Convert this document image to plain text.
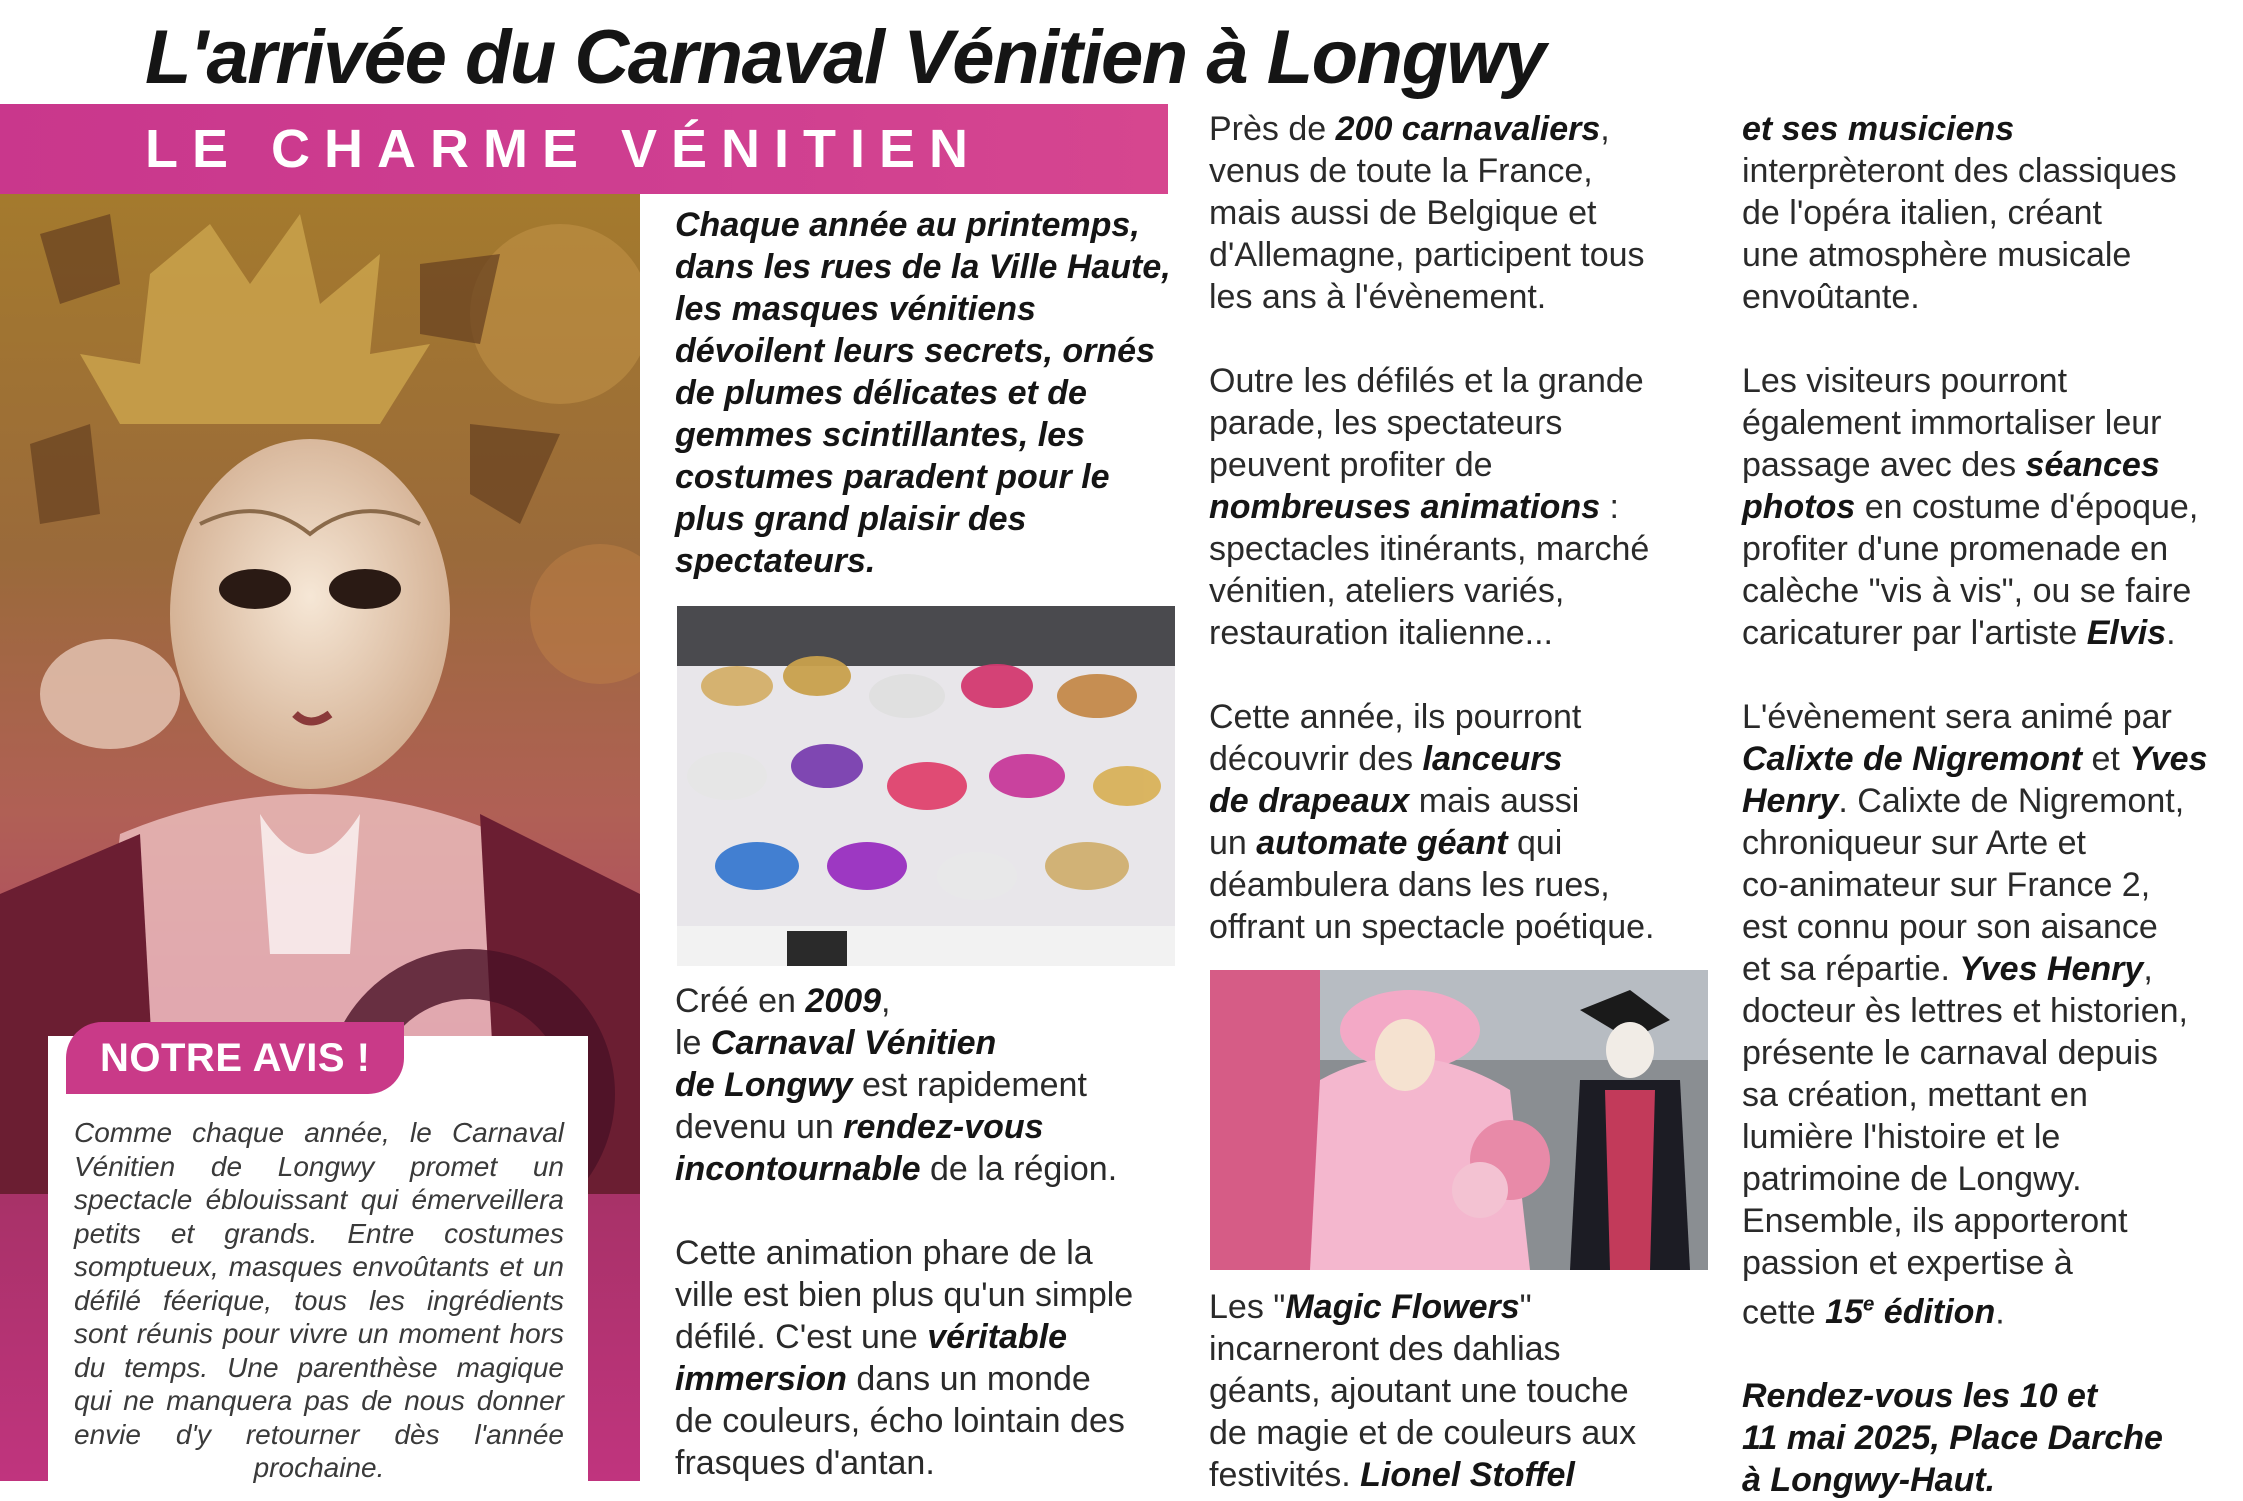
L'arrivée du Carnaval Vénitien à Longwy
LE CHARME VÉNITIEN
NOTRE AVIS !

Comme chaque année, le Carnaval Vénitien de Longwy promet un spectacle éblouissant qui émerveillera petits et grands. Entre costumes somptueux, masques envoûtants et un défilé féerique, tous les ingrédients sont réunis pour vivre un moment hors du temps. Une parenthèse magique qui ne manquera pas de nous donner envie d'y retourner dès l'année prochaine.

Chaque année au printemps, dans les rues de la Ville Haute, les masques vénitiens dévoilent leurs secrets, ornés de plumes délicates et de gemmes scintillantes, les costumes paradent pour le plus grand plaisir des spectateurs.

Créé en 2009,
le Carnaval Vénitien
de Longwy est rapidement
devenu un rendez-vous
incontournable de la région.

Cette animation phare de la
ville est bien plus qu'un simple
défilé. C'est une véritable
immersion dans un monde
de couleurs, écho lointain des
frasques d'antan.

Près de 200 carnavaliers,
venus de toute la France,
mais aussi de Belgique et
d'Allemagne, participent tous
les ans à l'évènement.

Outre les défilés et la grande
parade, les spectateurs
peuvent profiter de
nombreuses animations :
spectacles itinérants, marché
vénitien, ateliers variés,
restauration italienne...

Cette année, ils pourront
découvrir des lanceurs
de drapeaux mais aussi
un automate géant qui
déambulera dans les rues,
offrant un spectacle poétique.

Les "Magic Flowers"
incarneront des dahlias
géants, ajoutant une touche
de magie et de couleurs aux
festivités. Lionel Stoffel

et ses musiciens
interprèteront des classiques
de l'opéra italien, créant
une atmosphère musicale
envoûtante.

Les visiteurs pourront
également immortaliser leur
passage avec des séances
photos en costume d'époque,
profiter d'une promenade en
calèche "vis à vis", ou se faire
caricaturer par l'artiste Elvis.

L'évènement sera animé par
Calixte de Nigremont et Yves
Henry. Calixte de Nigremont,
chroniqueur sur Arte et
co-animateur sur France 2,
est connu pour son aisance
et sa répartie. Yves Henry,
docteur ès lettres et historien,
présente le carnaval depuis
sa création, mettant en
lumière l'histoire et le
patrimoine de Longwy.
Ensemble, ils apporteront
passion et expertise à
cette 15e édition.

Rendez-vous les 10 et
11 mai 2025, Place Darche
à Longwy-Haut.
